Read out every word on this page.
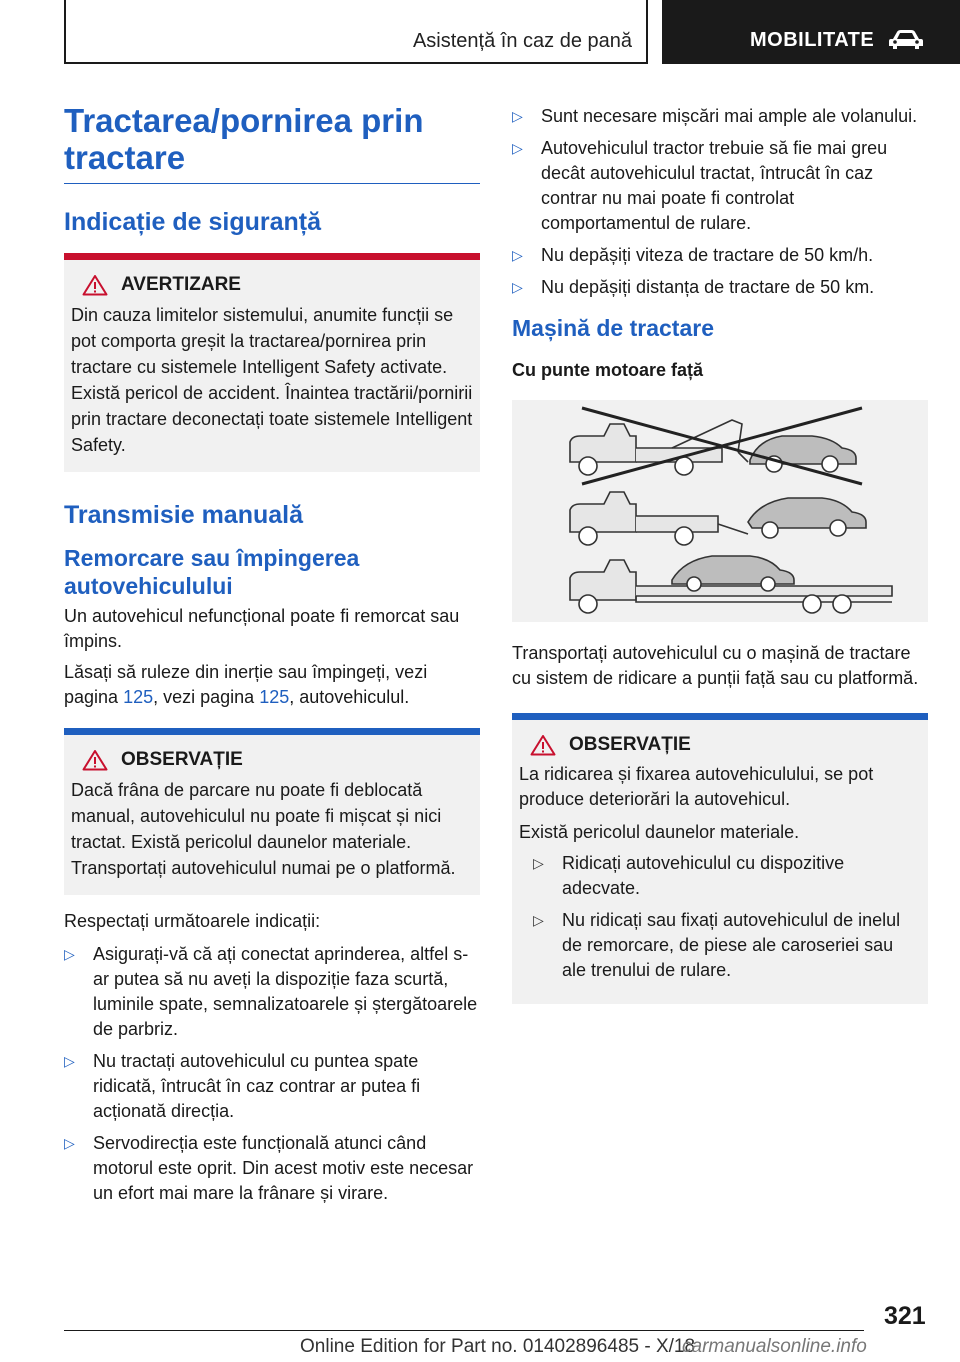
Asistență în caz de pană	MOBILITATE
Tractarea/pornirea prin tractare
Indicație de siguranță
AVERTIZARE

Din cauza limitelor sistemului, anumite funcții se pot comporta greșit la tractarea/pornirea prin tractare cu sistemele Intelligent Safety activate. Există pericol de accident. Înaintea tractării/pornirii prin tractare deconectați toate sistemele Intelligent Safety.

Transmisie manuală
Remorcare sau împingerea autovehiculului

Un autovehicul nefuncțional poate fi remorcat sau împins.

Lăsați să ruleze din inerție sau împingeți, vezi pagina 125, vezi pagina 125, autovehiculul.

OBSERVAȚIE

Dacă frâna de parcare nu poate fi deblocată manual, autovehiculul nu poate fi mișcat și nici tractat. Există pericolul daunelor materiale. Transportați autovehiculul numai pe o platformă.

Respectați următoarele indicații:

▷ Asigurați-vă că ați conectat aprinderea, altfel s-ar putea să nu aveți la dispoziție faza scurtă, luminile spate, semnalizatoarele și ștergătoarele de parbriz.
▷ Nu tractați autovehiculul cu puntea spate ridicată, întrucât în caz contrar ar putea fi acționată direcția.
▷ Servodirecția este funcțională atunci când motorul este oprit. Din acest motiv este necesar un efort mai mare la frânare și virare.
▷ Sunt necesare mișcări mai ample ale volanului.
▷ Autovehiculul tractor trebuie să fie mai greu decât autovehiculul tractat, întrucât în caz contrar nu mai poate fi controlat comportamentul de rulare.
▷ Nu depășiți viteza de tractare de 50 km/h.
▷ Nu depășiți distanța de tractare de 50 km.
Mașină de tractare
Cu punte motoare față

Transportați autovehiculul cu o mașină de tractare cu sistem de ridicare a punții față sau cu platformă.

OBSERVAȚIE

La ridicarea și fixarea autovehiculului, se pot produce deteriorări la autovehicul.

Există pericolul daunelor materiale.

▷ Ridicați autovehiculul cu dispozitive adecvate.
▷ Nu ridicați sau fixați autovehiculul de inelul de remorcare, de piese ale caroseriei sau ale trenului de rulare.
321
Online Edition for Part no. 01402896485 - X/18
carmanualsonline.info
